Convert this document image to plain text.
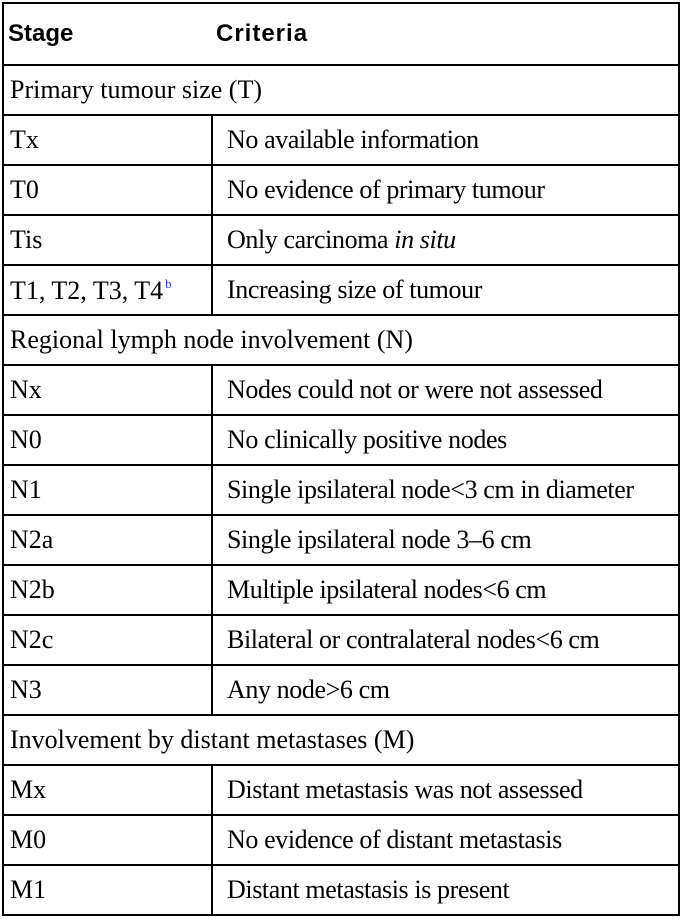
Stage	Criteria
Primary tumour size (T)	
Tx	No available information
T0	No evidence of primary tumour
Tis	Only carcinoma in situ
T1, T2, T3, T4 $^b$	Increasing size of tumour
Regional lymph node involvement (N)	
Nx	Nodes could not or were not assessed
N0	No clinically positive nodes
N1	Single ipsilateral node<3 cm in diameter
N2a	Single ipsilateral node 3–6 cm
N2b	Multiple ipsilateral nodes<6 cm
N2c	Bilateral or contralateral nodes<6 cm
N3	Any node>6 cm
Involvement by distant metastases (M)	
Mx	Distant metastasis was not assessed
M0	No evidence of distant metastasis
M1	Distant metastasis is present
